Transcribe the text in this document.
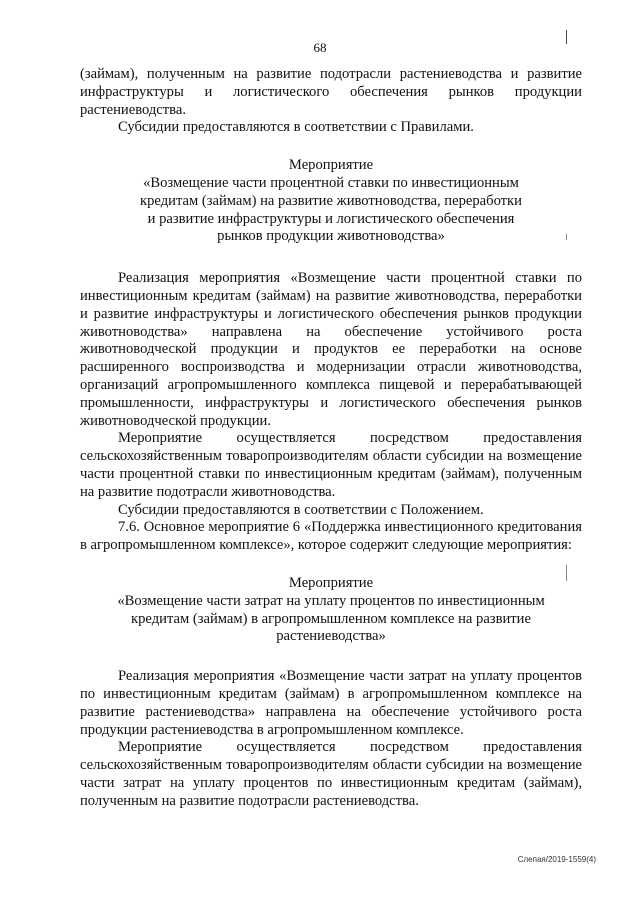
68

(займам), полученным на развитие подотрасли растениеводства и развитие инфраструктуры и логистического обеспечения рынков продукции растениеводства.

Субсидии предоставляются в соответствии с Правилами.

Мероприятие
«Возмещение части процентной ставки по инвестиционным
кредитам (займам) на развитие животноводства, переработки
и развитие инфраструктуры и логистического обеспечения
рынков продукции животноводства»

Реализация мероприятия «Возмещение части процентной ставки по инвестиционным кредитам (займам) на развитие животноводства, переработки и развитие инфраструктуры и логистического обеспечения рынков продукции животноводства» направлена на обеспечение устойчивого роста животноводческой продукции и продуктов ее переработки на основе расширенного воспроизводства и модернизации отрасли животноводства, организаций агропромышленного комплекса пищевой и перерабатывающей промышленности, инфраструктуры и логистического обеспечения рынков животноводческой продукции.

Мероприятие осуществляется посредством предоставления сельскохозяйственным товаропроизводителям области субсидии на возмещение части процентной ставки по инвестиционным кредитам (займам), полученным на развитие подотрасли животноводства.

Субсидии предоставляются в соответствии с Положением.

7.6. Основное мероприятие 6 «Поддержка инвестиционного кредитования в агропромышленном комплексе», которое содержит следующие мероприятия:

Мероприятие
«Возмещение части затрат на уплату процентов по инвестиционным
кредитам (займам) в агропромышленном комплексе на развитие
растениеводства»

Реализация мероприятия «Возмещение части затрат на уплату процентов по инвестиционным кредитам (займам) в агропромышленном комплексе на развитие растениеводства» направлена на обеспечение устойчивого роста продукции растениеводства в агропромышленном комплексе.

Мероприятие осуществляется посредством предоставления сельскохозяйственным товаропроизводителям области субсидии на возмещение части затрат на уплату процентов по инвестиционным кредитам (займам), полученным на развитие подотрасли растениеводства.

Слепая/2019-1559(4)
